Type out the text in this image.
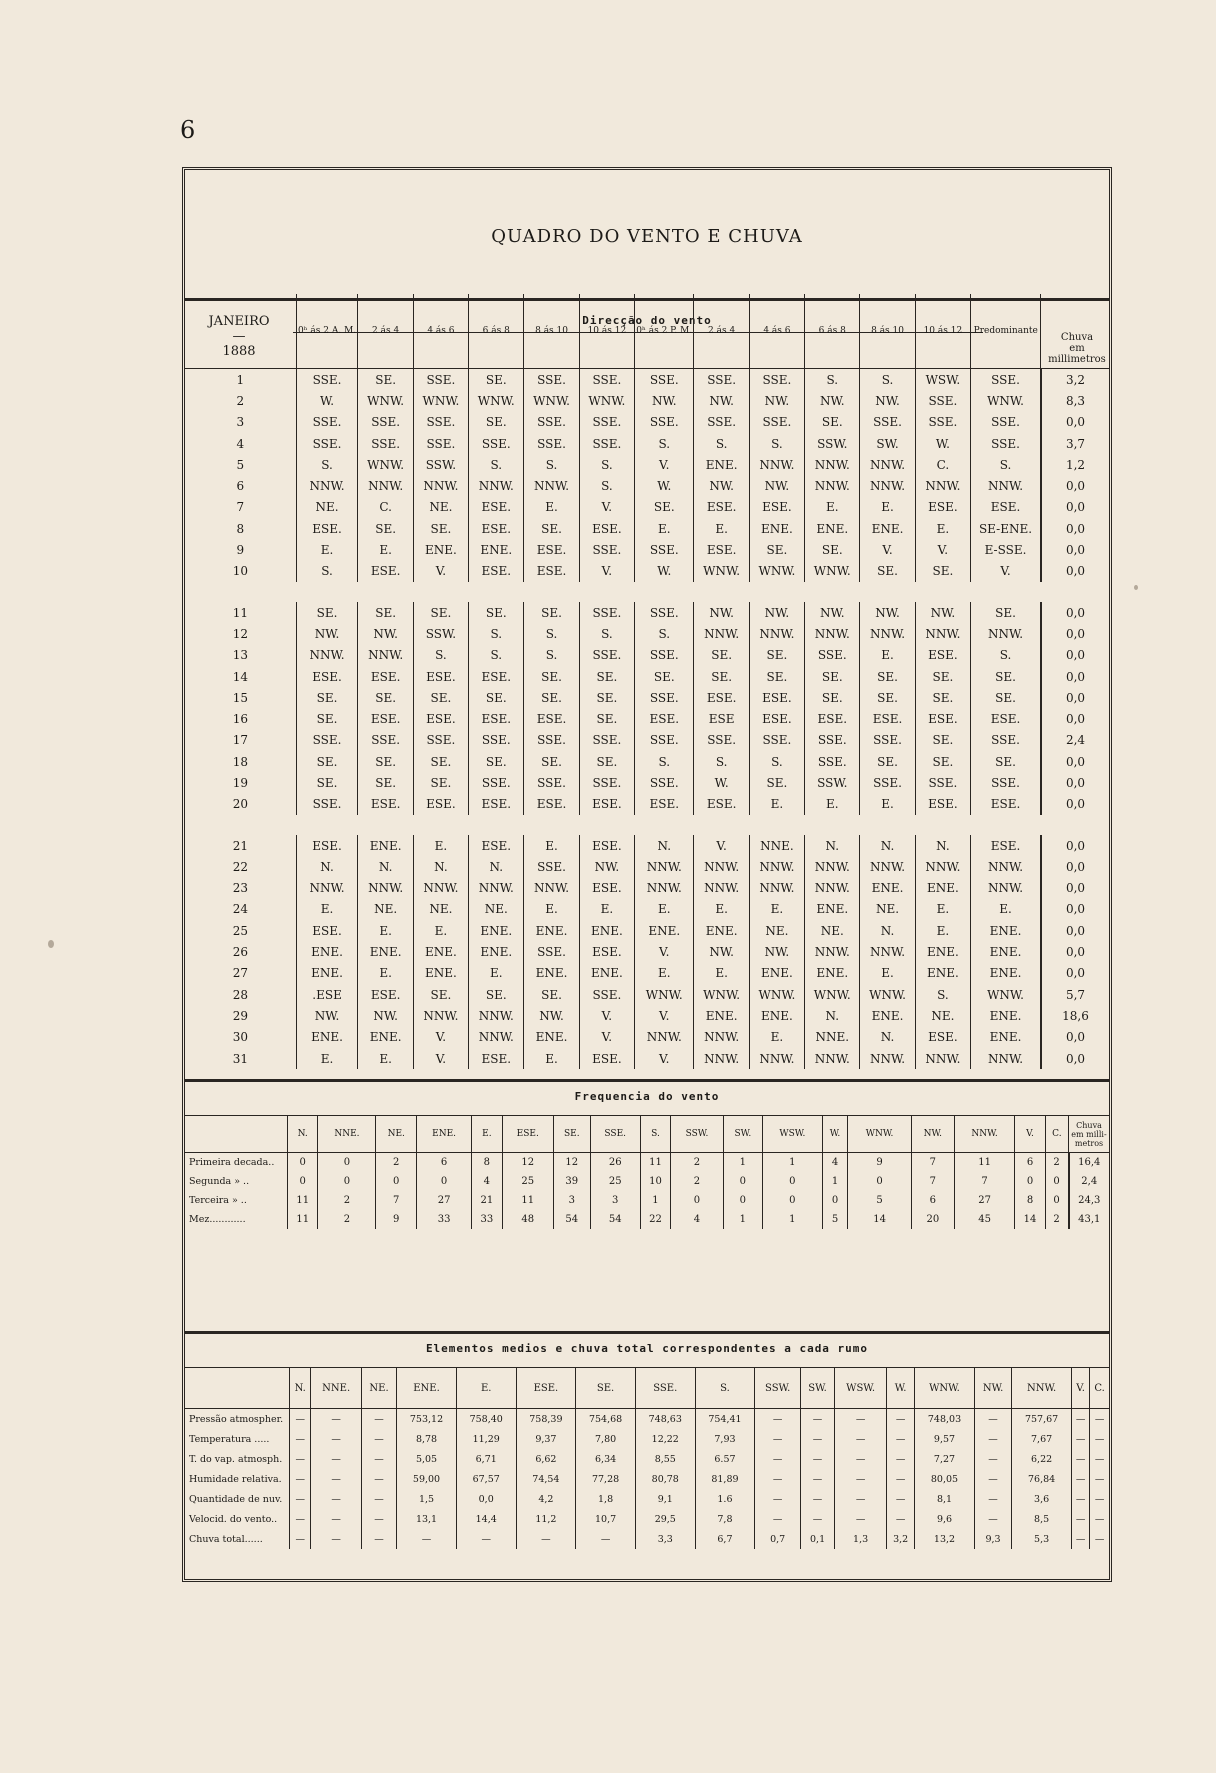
6
QUADRO DO VENTO E CHUVA
JANEIRO
—
1888
Direcção do vento
Chuva
em
millimetros
	0ʰ ás 2 A. M.	2 ás 4	4 ás 6	6 ás 8	8 ás 10	10 ás 12	0ʰ ás 2 P. M.	2 ás 4	4 ás 6	6 ás 8	8 ás 10	10 ás 12	Predominante	
1	SSE.	SE.	SSE.	SE.	SSE.	SSE.	SSE.	SSE.	SSE.	S.	S.	WSW.	SSE.	3,2
2	W.	WNW.	WNW.	WNW.	WNW.	WNW.	NW.	NW.	NW.	NW.	NW.	SSE.	WNW.	8,3
3	SSE.	SSE.	SSE.	SE.	SSE.	SSE.	SSE.	SSE.	SSE.	SE.	SSE.	SSE.	SSE.	0,0
4	SSE.	SSE.	SSE.	SSE.	SSE.	SSE.	S.	S.	S.	SSW.	SW.	W.	SSE.	3,7
5	S.	WNW.	SSW.	S.	S.	S.	V.	ENE.	NNW.	NNW.	NNW.	C.	S.	1,2
6	NNW.	NNW.	NNW.	NNW.	NNW.	S.	W.	NW.	NW.	NNW.	NNW.	NNW.	NNW.	0,0
7	NE.	C.	NE.	ESE.	E.	V.	SE.	ESE.	ESE.	E.	E.	ESE.	ESE.	0,0
8	ESE.	SE.	SE.	ESE.	SE.	ESE.	E.	E.	ENE.	ENE.	ENE.	E.	SE-ENE.	0,0
9	E.	E.	ENE.	ENE.	ESE.	SSE.	SSE.	ESE.	SE.	SE.	V.	V.	E-SSE.	0,0
10	S.	ESE.	V.	ESE.	ESE.	V.	W.	WNW.	WNW.	WNW.	SE.	SE.	V.	0,0

11	SE.	SE.	SE.	SE.	SE.	SSE.	SSE.	NW.	NW.	NW.	NW.	NW.	SE.	0,0
12	NW.	NW.	SSW.	S.	S.	S.	S.	NNW.	NNW.	NNW.	NNW.	NNW.	NNW.	0,0
13	NNW.	NNW.	S.	S.	S.	SSE.	SSE.	SE.	SE.	SSE.	E.	ESE.	S.	0,0
14	ESE.	ESE.	ESE.	ESE.	SE.	SE.	SE.	SE.	SE.	SE.	SE.	SE.	SE.	0,0
15	SE.	SE.	SE.	SE.	SE.	SE.	SSE.	ESE.	ESE.	SE.	SE.	SE.	SE.	0,0
16	SE.	ESE.	ESE.	ESE.	ESE.	SE.	ESE.	ESE	ESE.	ESE.	ESE.	ESE.	ESE.	0,0
17	SSE.	SSE.	SSE.	SSE.	SSE.	SSE.	SSE.	SSE.	SSE.	SSE.	SSE.	SE.	SSE.	2,4
18	SE.	SE.	SE.	SE.	SE.	SE.	S.	S.	S.	SSE.	SE.	SE.	SE.	0,0
19	SE.	SE.	SE.	SSE.	SSE.	SSE.	SSE.	W.	SE.	SSW.	SSE.	SSE.	SSE.	0,0
20	SSE.	ESE.	ESE.	ESE.	ESE.	ESE.	ESE.	ESE.	E.	E.	E.	ESE.	ESE.	0,0

21	ESE.	ENE.	E.	ESE.	E.	ESE.	N.	V.	NNE.	N.	N.	N.	ESE.	0,0
22	N.	N.	N.	N.	SSE.	NW.	NNW.	NNW.	NNW.	NNW.	NNW.	NNW.	NNW.	0,0
23	NNW.	NNW.	NNW.	NNW.	NNW.	ESE.	NNW.	NNW.	NNW.	NNW.	ENE.	ENE.	NNW.	0,0
24	E.	NE.	NE.	NE.	E.	E.	E.	E.	E.	ENE.	NE.	E.	E.	0,0
25	ESE.	E.	E.	ENE.	ENE.	ENE.	ENE.	ENE.	NE.	NE.	N.	E.	ENE.	0,0
26	ENE.	ENE.	ENE.	ENE.	SSE.	ESE.	V.	NW.	NW.	NNW.	NNW.	ENE.	ENE.	0,0
27	ENE.	E.	ENE.	E.	ENE.	ENE.	E.	E.	ENE.	ENE.	E.	ENE.	ENE.	0,0
28	.ESE	ESE.	SE.	SE.	SE.	SSE.	WNW.	WNW.	WNW.	WNW.	WNW.	S.	WNW.	5,7
29	NW.	NW.	NNW.	NNW.	NW.	V.	V.	ENE.	ENE.	N.	ENE.	NE.	ENE.	18,6
30	ENE.	ENE.	V.	NNW.	ENE.	V.	NNW.	NNW.	E.	NNE.	N.	ESE.	ENE.	0,0
31	E.	E.	V.	ESE.	E.	ESE.	V.	NNW.	NNW.	NNW.	NNW.	NNW.	NNW.	0,0
Frequencia do vento
	N.	NNE.	NE.	ENE.	E.	ESE.	SE.	SSE.	S.	SSW.	SW.	WSW.	W.	WNW.	NW.	NNW.	V.	C.	Chuva em milli-metros
Primeira decada..	0	0	2	6	8	12	12	26	11	2	1	1	4	9	7	11	6	2	16,4
Segunda » ..	0	0	0	0	4	25	39	25	10	2	0	0	1	0	7	7	0	0	2,4
Terceira » ..	11	2	7	27	21	11	3	3	1	0	0	0	0	5	6	27	8	0	24,3
Mez............	11	2	9	33	33	48	54	54	22	4	1	1	5	14	20	45	14	2	43,1
Elementos medios e chuva total correspondentes a cada rumo
	N.	NNE.	NE.	ENE.	E.	ESE.	SE.	SSE.	S.	SSW.	SW.	WSW.	W.	WNW.	NW.	NNW.	V.	C.
Pressão atmospher.	—	—	—	753,12	758,40	758,39	754,68	748,63	754,41	—	—	—	—	748,03	—	757,67	—	—
Temperatura .....	—	—	—	8,78	11,29	9,37	7,80	12,22	7,93	—	—	—	—	9,57	—	7,67	—	—
T. do vap. atmosph.	—	—	—	5,05	6,71	6,62	6,34	8,55	6.57	—	—	—	—	7,27	—	6,22	—	—
Humidade relativa.	—	—	—	59,00	67,57	74,54	77,28	80,78	81,89	—	—	—	—	80,05	—	76,84	—	—
Quantidade de nuv.	—	—	—	1,5	0,0	4,2	1,8	9,1	1.6	—	—	—	—	8,1	—	3,6	—	—
Velocid. do vento..	—	—	—	13,1	14,4	11,2	10,7	29,5	7,8	—	—	—	—	9,6	—	8,5	—	—
Chuva total......	—	—	—	—	—	—	—	3,3	6,7	0,7	0,1	1,3	3,2	13,2	9,3	5,3	—	—
